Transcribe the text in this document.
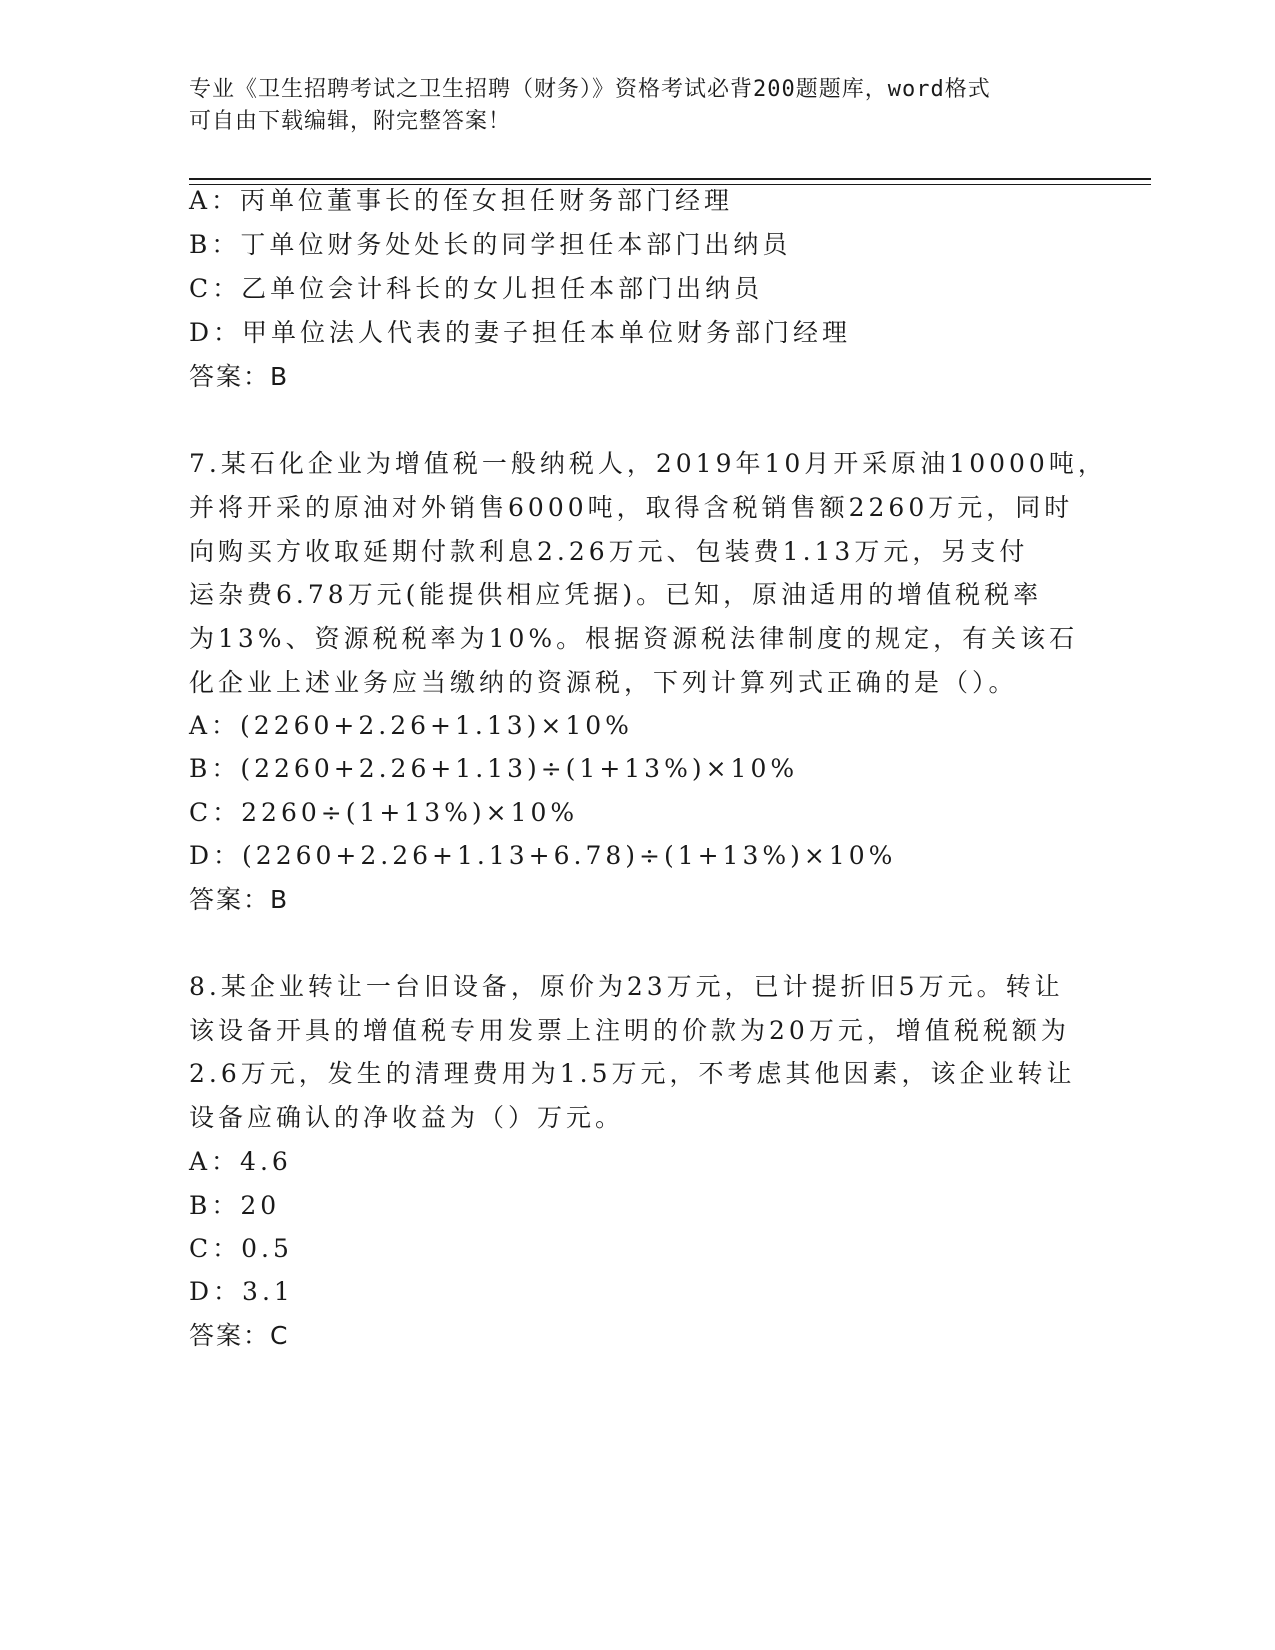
专业《卫生招聘考试之卫生招聘（财务）》资格考试必背200题题库，word格式
可自由下载编辑，附完整答案！
A：丙单位董事长的侄女担任财务部门经理
B：丁单位财务处处长的同学担任本部门出纳员
C：乙单位会计科长的女儿担任本部门出纳员
D：甲单位法人代表的妻子担任本单位财务部门经理
答案：B
7.某石化企业为增值税一般纳税人，2019年10月开采原油10000吨，
并将开采的原油对外销售6000吨，取得含税销售额2260万元，同时
向购买方收取延期付款利息2.26万元、包装费1.13万元，另支付
运杂费6.78万元(能提供相应凭据)。已知，原油适用的增值税税率
为13%、资源税税率为10%。根据资源税法律制度的规定，有关该石
化企业上述业务应当缴纳的资源税，下列计算列式正确的是（）。
A：(2260+2.26+1.13)×10%
B：(2260+2.26+1.13)÷(1+13%)×10%
C：2260÷(1+13%)×10%
D：(2260+2.26+1.13+6.78)÷(1+13%)×10%
答案：B
8.某企业转让一台旧设备，原价为23万元，已计提折旧5万元。转让
该设备开具的增值税专用发票上注明的价款为20万元，增值税税额为
2.6万元，发生的清理费用为1.5万元，不考虑其他因素，该企业转让
设备应确认的净收益为（）万元。
A：4.6
B：20
C：0.5
D：3.1
答案：C
